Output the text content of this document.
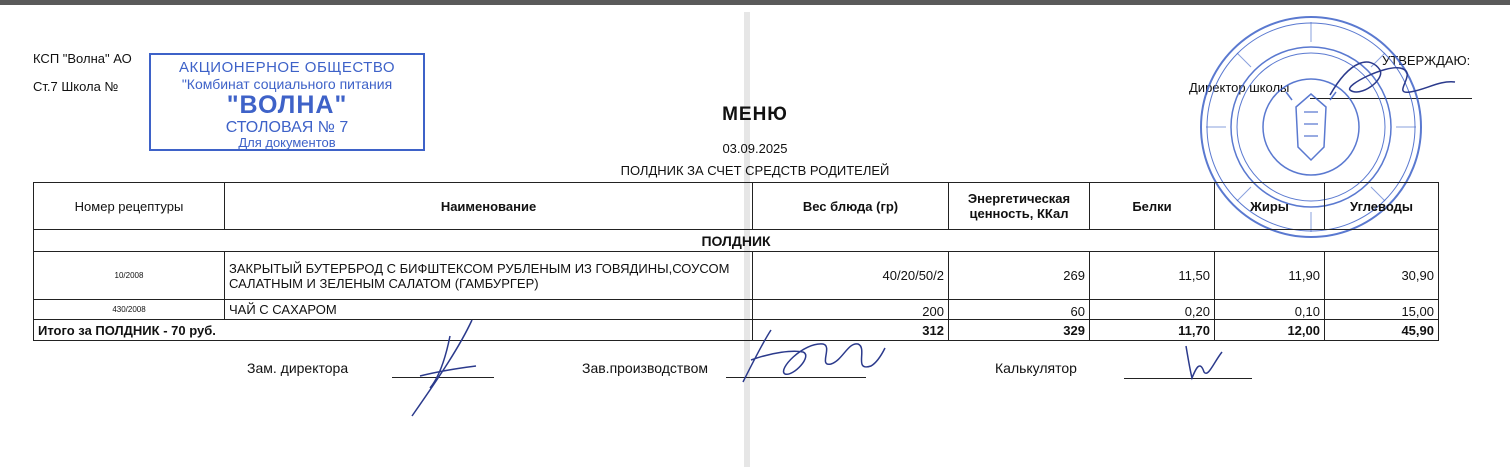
КСП "Волна" АО
Ст.7 Школа №
АКЦИОНЕРНОЕ ОБЩЕСТВО
"Комбинат социального питания
"ВОЛНА"
СТОЛОВАЯ № 7
Для документов
УТВЕРЖДАЮ:
Директор школы
МЕНЮ
03.09.2025
ПОЛДНИК ЗА СЧЕТ СРЕДСТВ РОДИТЕЛЕЙ
Номер рецептуры	Наименование	Вес блюда (гр)	Энергетическая ценность, ККал	Белки	Жиры	Углеводы
ПОЛДНИК						
10/2008	ЗАКРЫТЫЙ БУТЕРБРОД С БИФШТЕКСОМ РУБЛЕНЫМ ИЗ ГОВЯДИНЫ,СОУСОМ САЛАТНЫМ И ЗЕЛЕНЫМ САЛАТОМ (ГАМБУРГЕР)	40/20/50/2	269	11,50	11,90	30,90
430/2008	ЧАЙ С САХАРОМ	200	60	0,20	0,10	15,00
Итого за ПОЛДНИК - 70 руб.		312	329	11,70	12,00	45,90
Зам. директора	Зав.производством	Калькулятор
